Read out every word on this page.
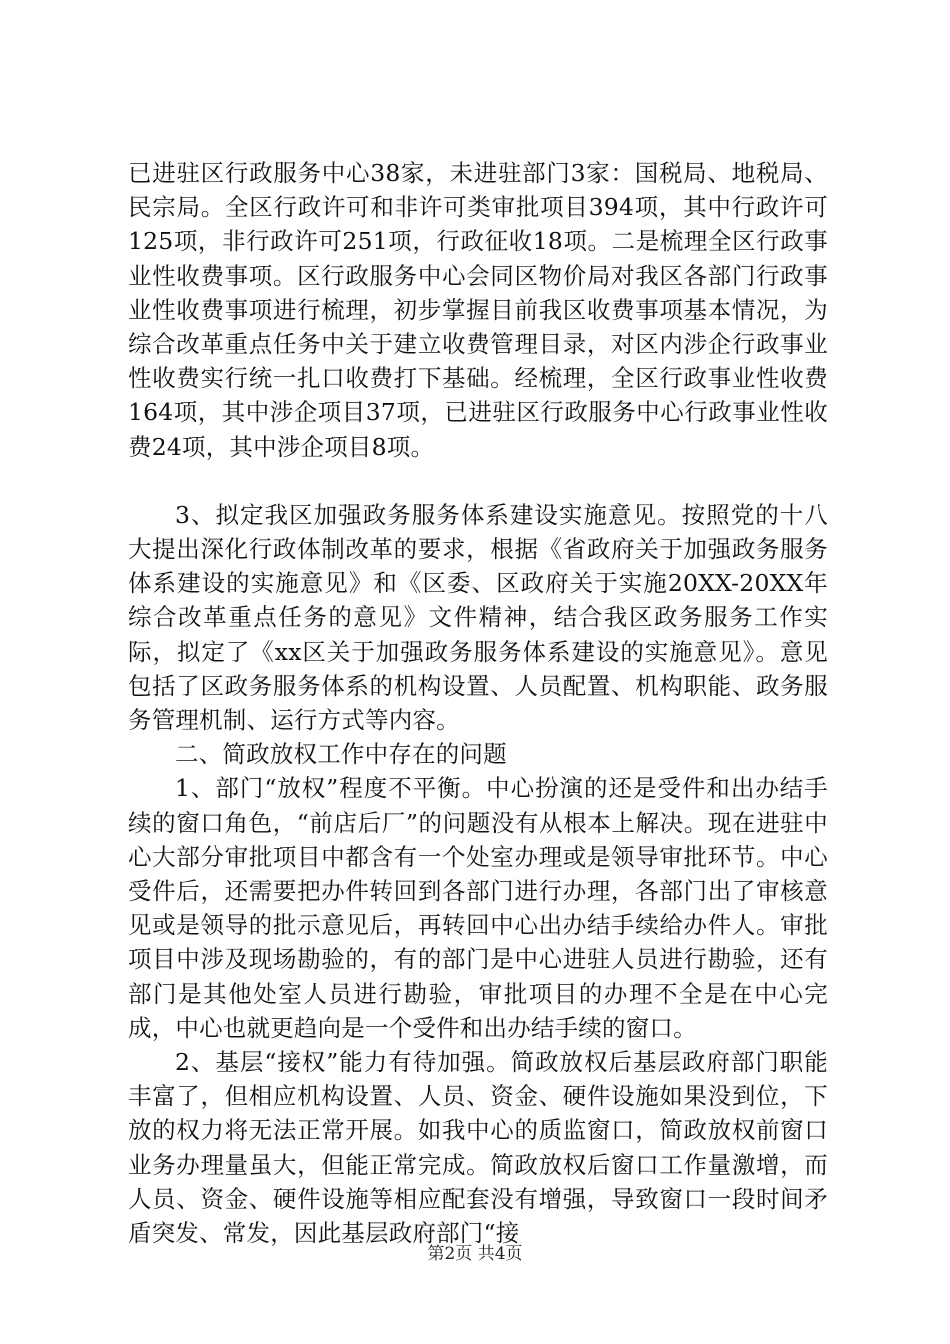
已进驻区行政服务中心38家，未进驻部门3家：国税局、地税局、民宗局。全区行政许可和非许可类审批项目394项，其中行政许可125项，非行政许可251项，行政征收18项。二是梳理全区行政事业性收费事项。区行政服务中心会同区物价局对我区各部门行政事业性收费事项进行梳理，初步掌握目前我区收费事项基本情况，为综合改革重点任务中关于建立收费管理目录，对区内涉企行政事业性收费实行统一扎口收费打下基础。经梳理，全区行政事业性收费164项，其中涉企项目37项，已进驻区行政服务中心行政事业性收费24项，其中涉企项目8项。

3、拟定我区加强政务服务体系建设实施意见。按照党的十八大提出深化行政体制改革的要求，根据《省政府关于加强政务服务体系建设的实施意见》和《区委、区政府关于实施20XX-20XX年综合改革重点任务的意见》文件精神，结合我区政务服务工作实际，拟定了《xx区关于加强政务服务体系建设的实施意见》。意见包括了区政务服务体系的机构设置、人员配置、机构职能、政务服务管理机制、运行方式等内容。

二、简政放权工作中存在的问题

1、部门“放权”程度不平衡。中心扮演的还是受件和出办结手续的窗口角色，“前店后厂”的问题没有从根本上解决。现在进驻中心大部分审批项目中都含有一个处室办理或是领导审批环节。中心受件后，还需要把办件转回到各部门进行办理，各部门出了审核意见或是领导的批示意见后，再转回中心出办结手续给办件人。审批项目中涉及现场勘验的，有的部门是中心进驻人员进行勘验，还有部门是其他处室人员进行勘验，审批项目的办理不全是在中心完成，中心也就更趋向是一个受件和出办结手续的窗口。

2、基层“接权”能力有待加强。简政放权后基层政府部门职能丰富了，但相应机构设置、人员、资金、硬件设施如果没到位，下放的权力将无法正常开展。如我中心的质监窗口，简政放权前窗口业务办理量虽大，但能正常完成。简政放权后窗口工作量激增，而人员、资金、硬件设施等相应配套没有增强，导致窗口一段时间矛盾突发、常发，因此基层政府部门“接

第2页 共4页
